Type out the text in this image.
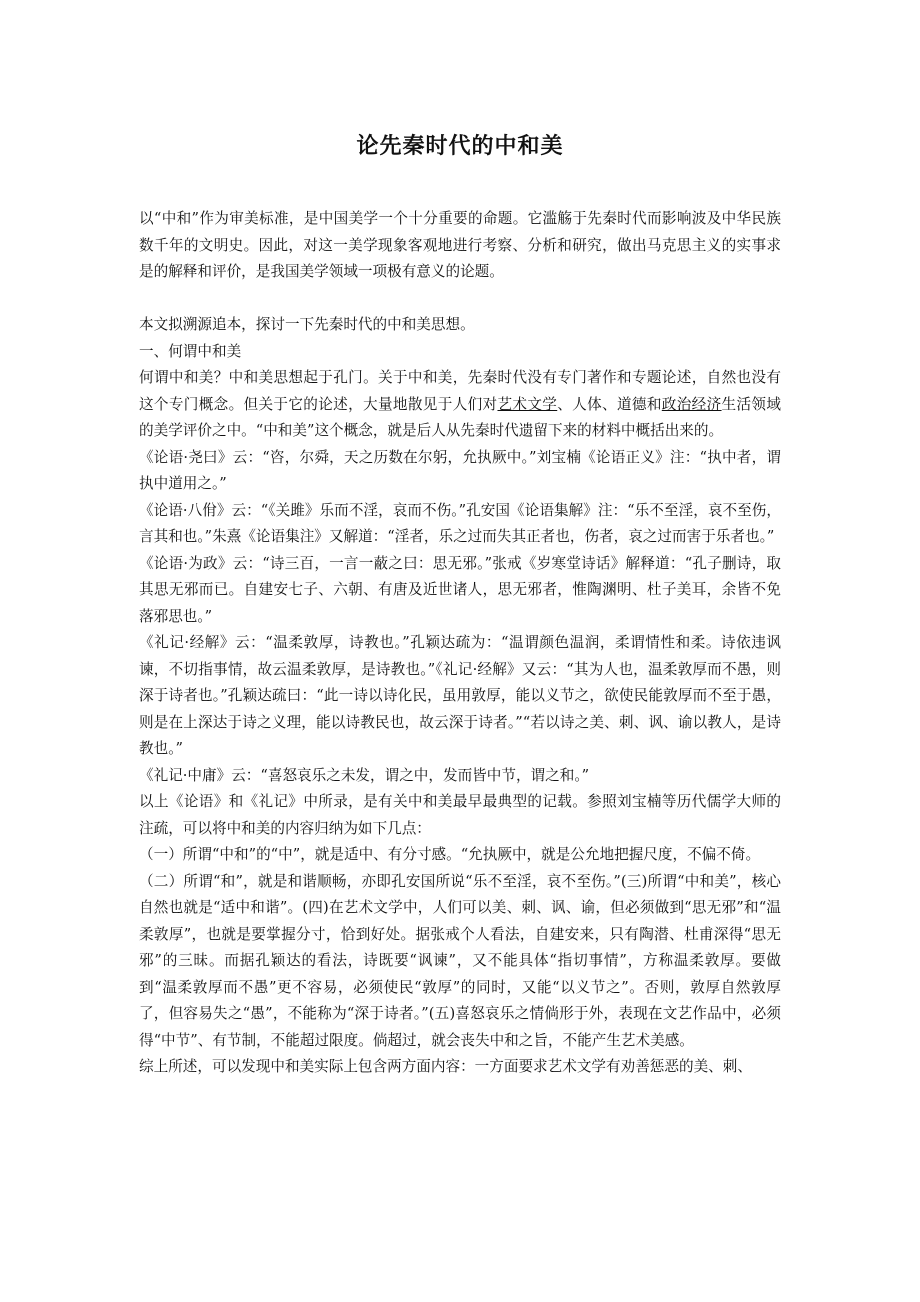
论先秦时代的中和美

以“中和”作为审美标准，是中国美学一个十分重要的命题。它滥觞于先秦时代而影响波及中华民族数千年的文明史。因此，对这一美学现象客观地进行考察、分析和研究，做出马克思主义的实事求是的解释和评价，是我国美学领域一项极有意义的论题。

本文拟溯源追本，探讨一下先秦时代的中和美思想。

一、何谓中和美

何谓中和美？中和美思想起于孔门。关于中和美，先秦时代没有专门著作和专题论述，自然也没有这个专门概念。但关于它的论述，大量地散见于人们对艺术文学、人体、道德和政治经济生活领域的美学评价之中。“中和美”这个概念，就是后人从先秦时代遗留下来的材料中概括出来的。

《论语·尧曰》云：“咨，尔舜，天之历数在尔躬，允执厥中。”刘宝楠《论语正义》注：“执中者，谓执中道用之。”

《论语·八佾》云：“《关雎》乐而不淫，哀而不伤。”孔安国《论语集解》注：“乐不至淫，哀不至伤，言其和也。”朱熹《论语集注》又解道：“淫者，乐之过而失其正者也，伤者，哀之过而害于乐者也。”

《论语·为政》云：“诗三百，一言一蔽之曰：思无邪。”张戒《岁寒堂诗话》解释道：“孔子删诗，取其思无邪而已。自建安七子、六朝、有唐及近世诸人，思无邪者，惟陶渊明、杜子美耳，余皆不免落邪思也。”

《礼记·经解》云：“温柔敦厚，诗教也。”孔颖达疏为：“温谓颜色温润，柔谓情性和柔。诗依违讽谏，不切指事情，故云温柔敦厚，是诗教也。”《礼记·经解》又云：“其为人也，温柔敦厚而不愚，则深于诗者也。”孔颖达疏曰：“此一诗以诗化民，虽用敦厚，能以义节之，欲使民能敦厚而不至于愚，则是在上深达于诗之义理，能以诗教民也，故云深于诗者。”“若以诗之美、刺、讽、谕以教人，是诗教也。”

《礼记·中庸》云：“喜怒哀乐之未发，谓之中，发而皆中节，谓之和。”

以上《论语》和《礼记》中所录，是有关中和美最早最典型的记载。参照刘宝楠等历代儒学大师的注疏，可以将中和美的内容归纳为如下几点：

（一）所谓“中和”的“中”，就是适中、有分寸感。“允执厥中，就是公允地把握尺度，不偏不倚。

（二）所谓“和”，就是和谐顺畅，亦即孔安国所说“乐不至淫，哀不至伤。”(三)所谓“中和美”，核心自然也就是“适中和谐”。(四)在艺术文学中，人们可以美、刺、讽、谕，但必须做到“思无邪”和“温柔敦厚”，也就是要掌握分寸，恰到好处。据张戒个人看法，自建安来，只有陶潜、杜甫深得“思无邪”的三昧。而据孔颖达的看法，诗既要“讽谏”，又不能具体“指切事情”，方称温柔敦厚。要做到“温柔敦厚而不愚”更不容易，必须使民“敦厚”的同时，又能“以义节之”。否则，敦厚自然敦厚了，但容易失之“愚”，不能称为“深于诗者。”(五)喜怒哀乐之情倘形于外，表现在文艺作品中，必须得“中节”、有节制，不能超过限度。倘超过，就会丧失中和之旨，不能产生艺术美感。

综上所述，可以发现中和美实际上包含两方面内容：一方面要求艺术文学有劝善惩恶的美、刺、
